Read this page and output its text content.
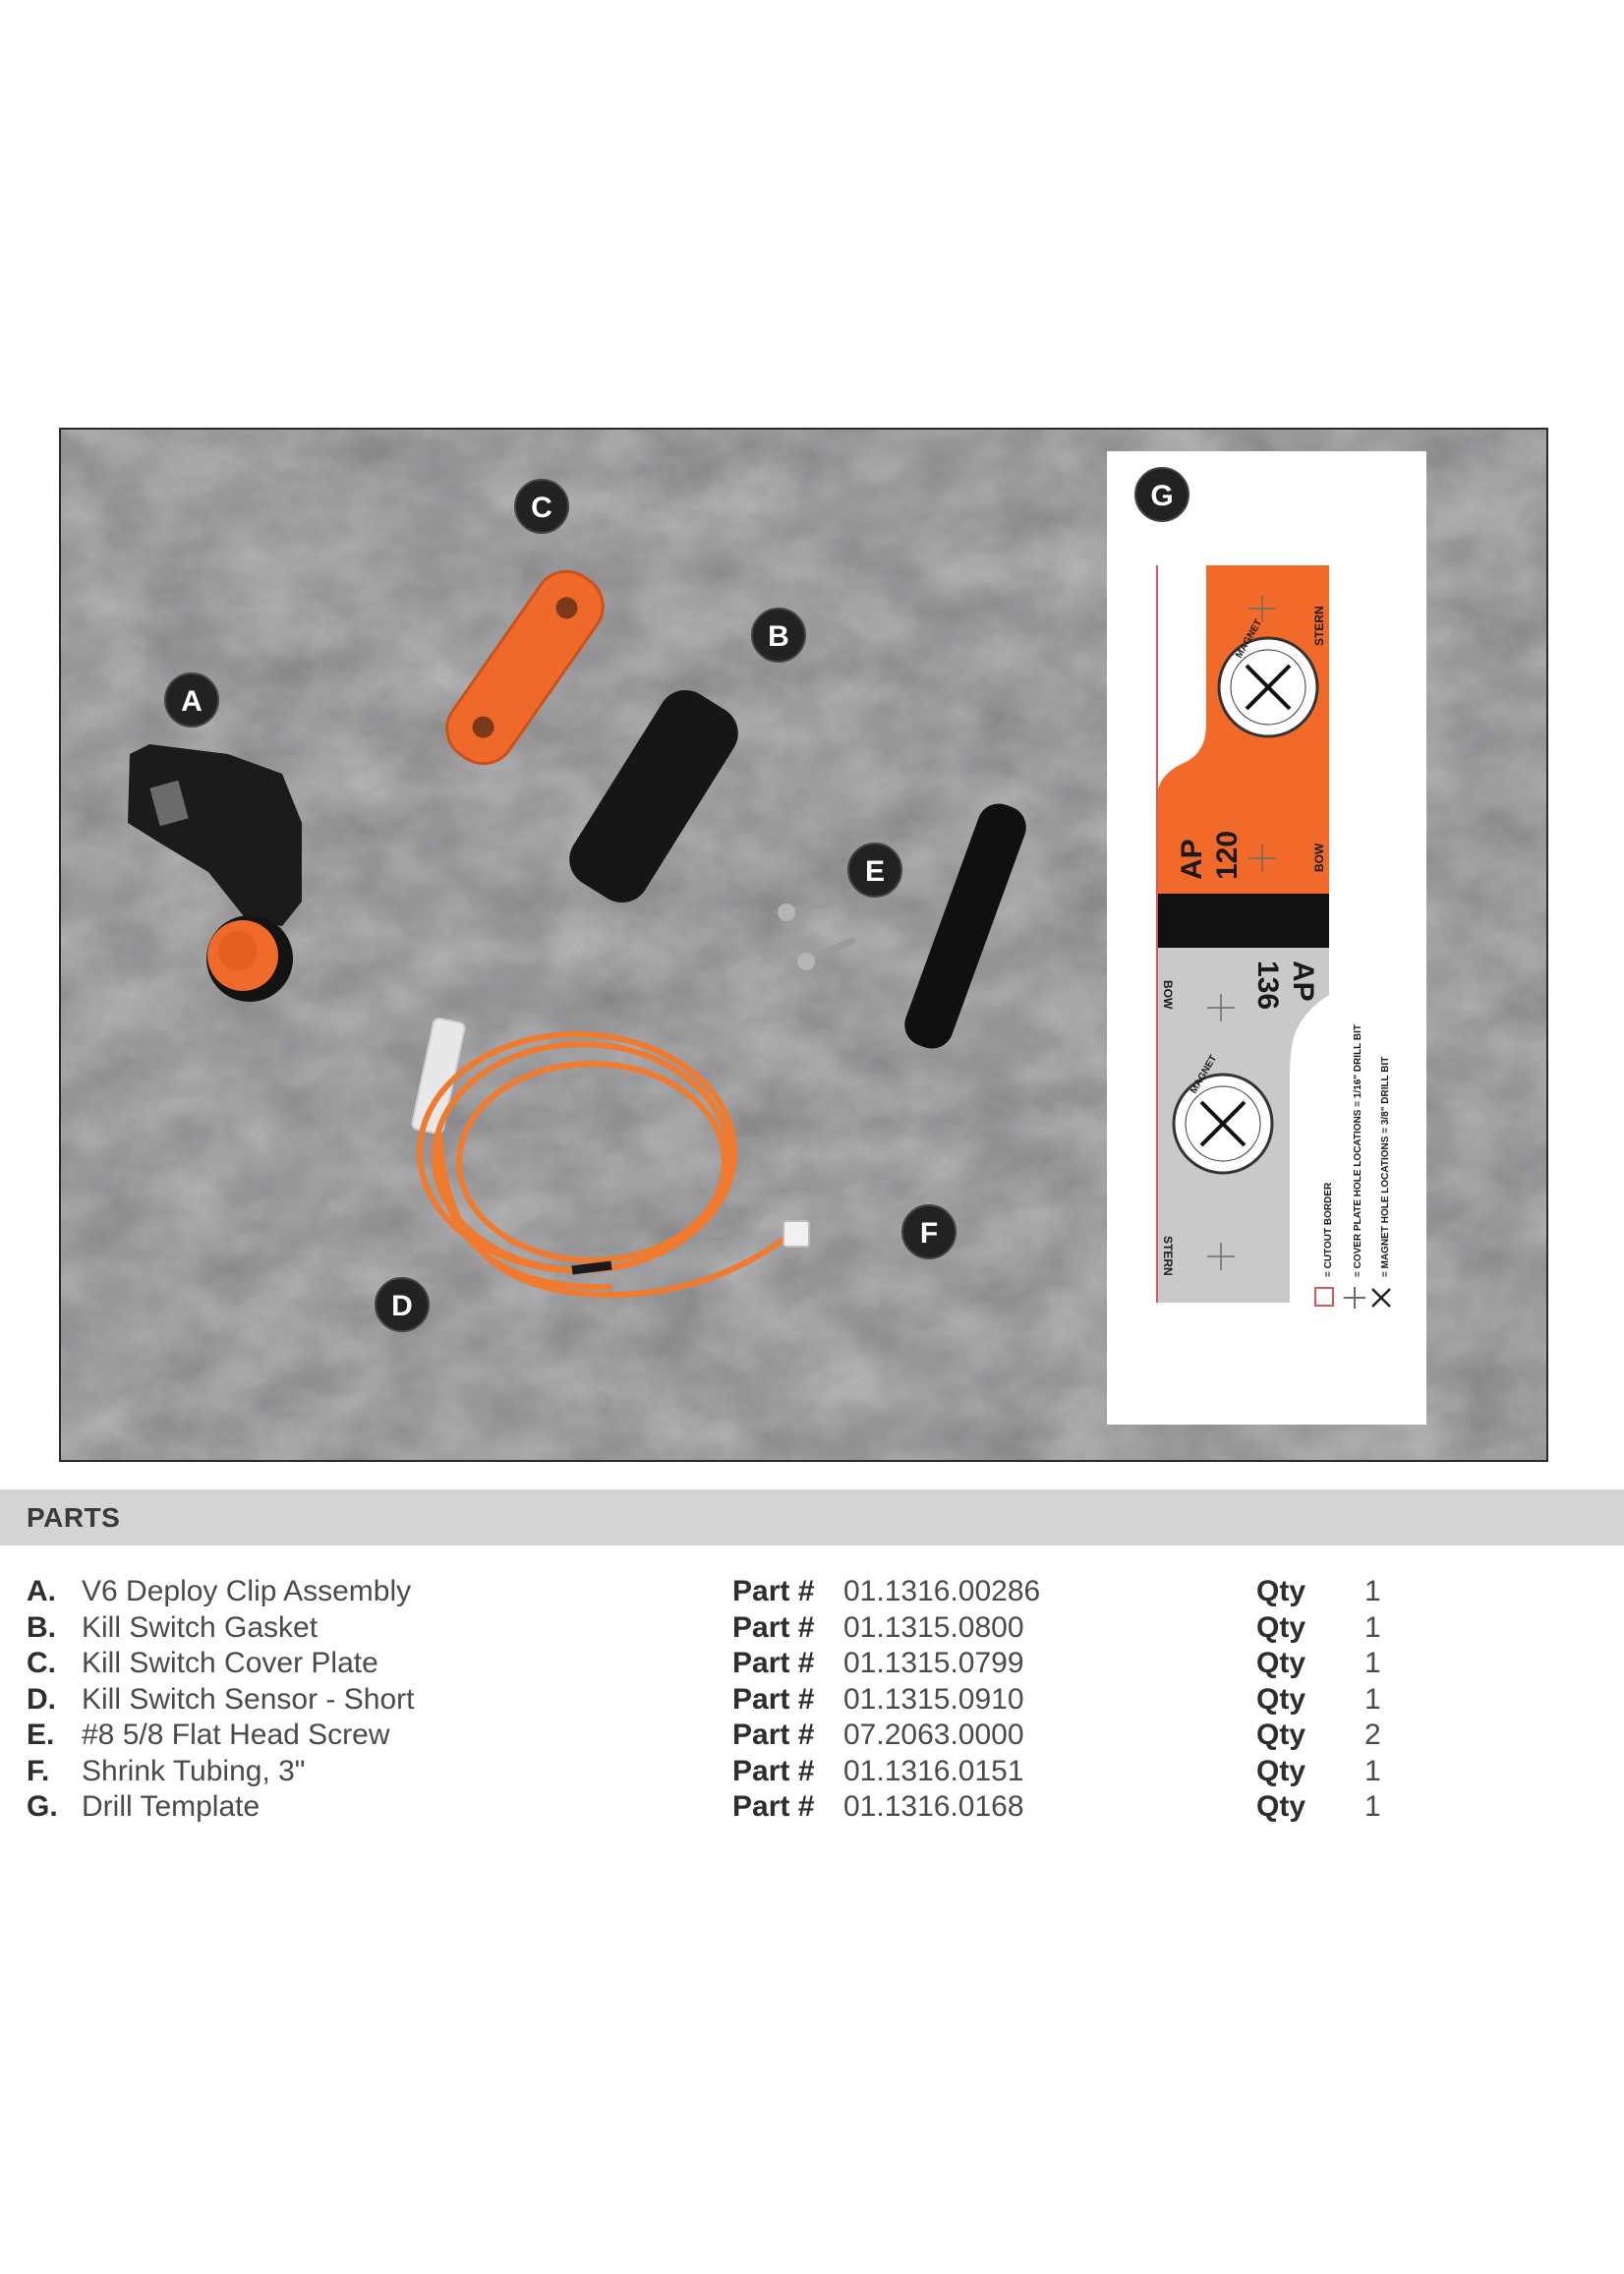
AP 120
AP
136
STERN
BOW
BOW
STERN
MAGNET
MAGNET
= CUTOUT BORDER = COVER PLATE HOLE LOCATIONS = 1/16" DRILL BIT = MAGNET HOLE LOCATIONS = 3/8" DRILL BIT
A
B
C
D
E
F
G
PARTS
A. V6 Deploy Clip Assembly	Part # 01.1316.00286	Qty 1
B. Kill Switch Gasket	Part # 01.1315.0800	Qty 1
C. Kill Switch Cover Plate	Part # 01.1315.0799	Qty 1
D. Kill Switch Sensor - Short	Part # 01.1315.0910	Qty 1
E. #8 5/8 Flat Head Screw	Part # 07.2063.0000	Qty 2
F. Shrink Tubing, 3"	Part # 01.1316.0151	Qty 1
G. Drill Template	Part # 01.1316.0168	Qty 1
